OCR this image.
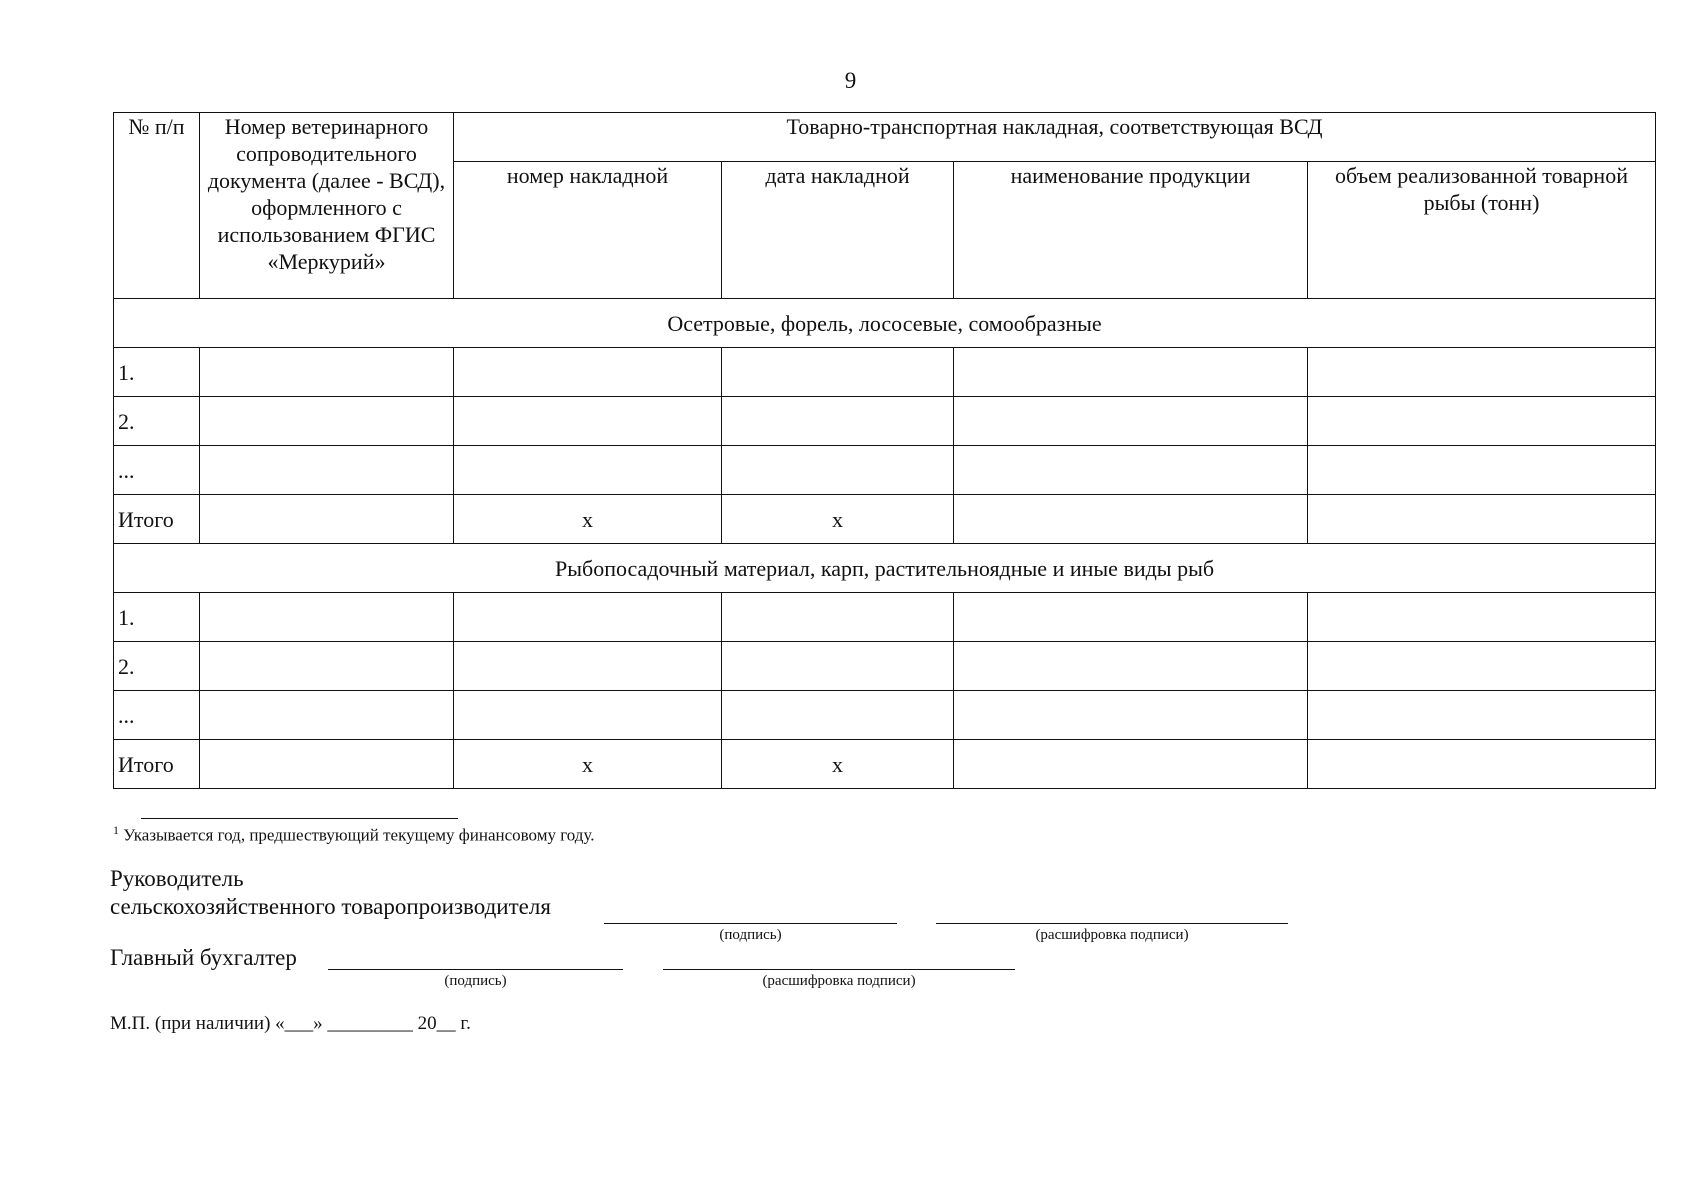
9
№ п/п	Номер ветеринарного сопроводительного документа (далее - ВСД), оформленного с использованием ФГИС «Меркурий»	Товарно-транспортная накладная, соответствующая ВСД			
		номер накладной	дата накладной	наименование продукции	объем реализованной товарной рыбы (тонн)
Осетровые, форель, лососевые, сомообразные					
1.					
2.					
...					
Итого		x	x		
Рыбопосадочный материал, карп, растительноядные и иные виды рыб					
1.					
2.					
...					
Итого		x	x		
$^1$ Указывается год, предшествующий текущему финансовому году.
Руководитель
сельскохозяйственного товаропроизводителя
(подпись)	(расшифровка подписи)
Главный бухгалтер
(подпись)	(расшифровка подписи)
М.П. (при наличии) «___» _________ 20__ г.
